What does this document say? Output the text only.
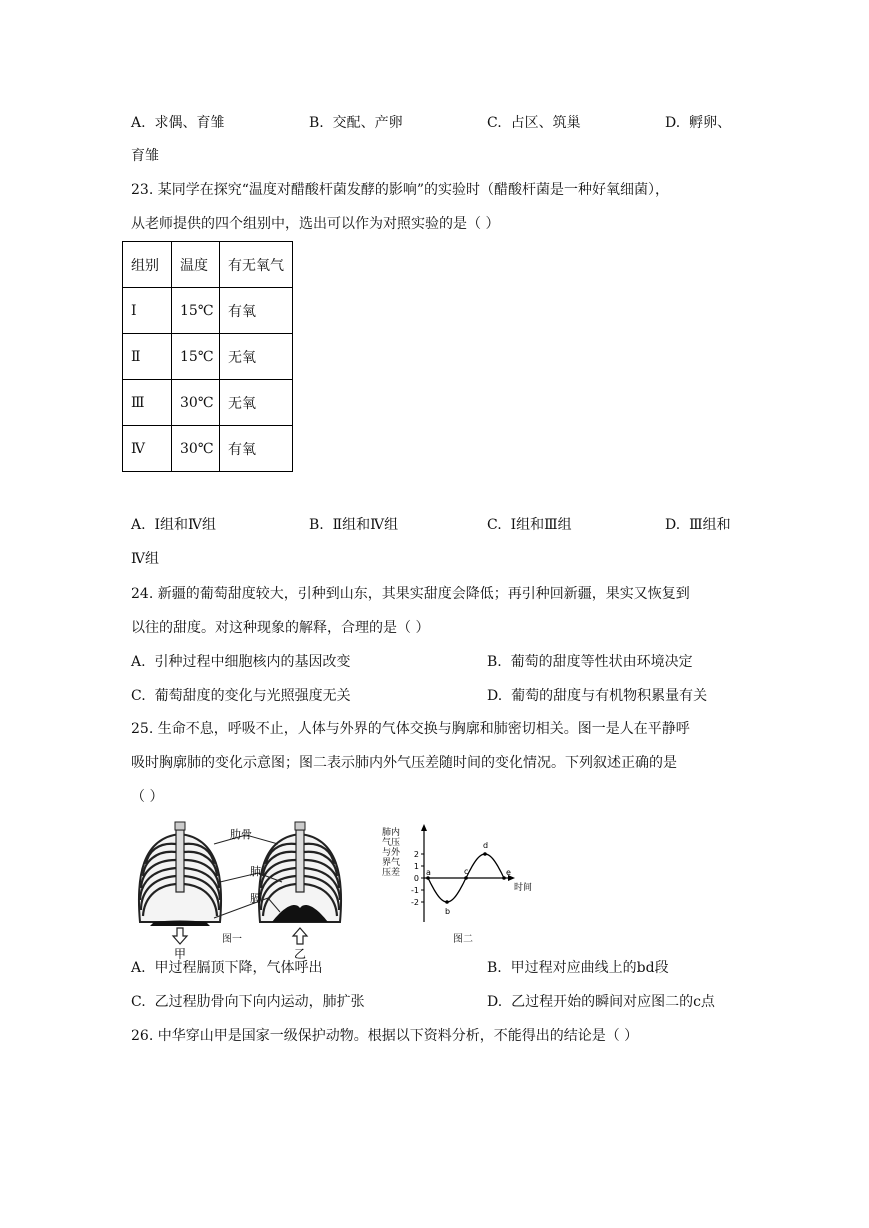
A. 求偶、育雏	B. 交配、产卵	C. 占区、筑巢	D. 孵卵、
育雏
23. 某同学在探究“温度对醋酸杆菌发酵的影响”的实验时（醋酸杆菌是一种好氧细菌），
从老师提供的四个组别中，选出可以作为对照实验的是（ ）
组别	温度	有无氧气
Ⅰ	15℃	有氧
Ⅱ	15℃	无氧
Ⅲ	30℃	无氧
Ⅳ	30℃	有氧
A. Ⅰ组和Ⅳ组	B. Ⅱ组和Ⅳ组	C. Ⅰ组和Ⅲ组	D. Ⅲ组和
Ⅳ组
24. 新疆的葡萄甜度较大，引种到山东，其果实甜度会降低；再引种回新疆，果实又恢复到
以往的甜度。对这种现象的解释，合理的是（ ）
A. 引种过程中细胞核内的基因改变	B. 葡萄的甜度等性状由环境决定
C. 葡萄甜度的变化与光照强度无关	D. 葡萄的甜度与有机物积累量有关
25. 生命不息，呼吸不止，人体与外界的气体交换与胸廓和肺密切相关。图一是人在平静呼
吸时胸廓肺的变化示意图；图二表示肺内外气压差随时间的变化情况。下列叙述正确的是
（ ）
肋骨
肺
膈
甲	乙
图一
肺内
气压
与外
界气
压差
时间
2
1
0
-1
-2
a
b
c
d
e
图二
A. 甲过程膈顶下降，气体呼出	B. 甲过程对应曲线上的bd段
C. 乙过程肋骨向下向内运动，肺扩张	D. 乙过程开始的瞬间对应图二的c点
26. 中华穿山甲是国家一级保护动物。根据以下资料分析，不能得出的结论是（ ）
